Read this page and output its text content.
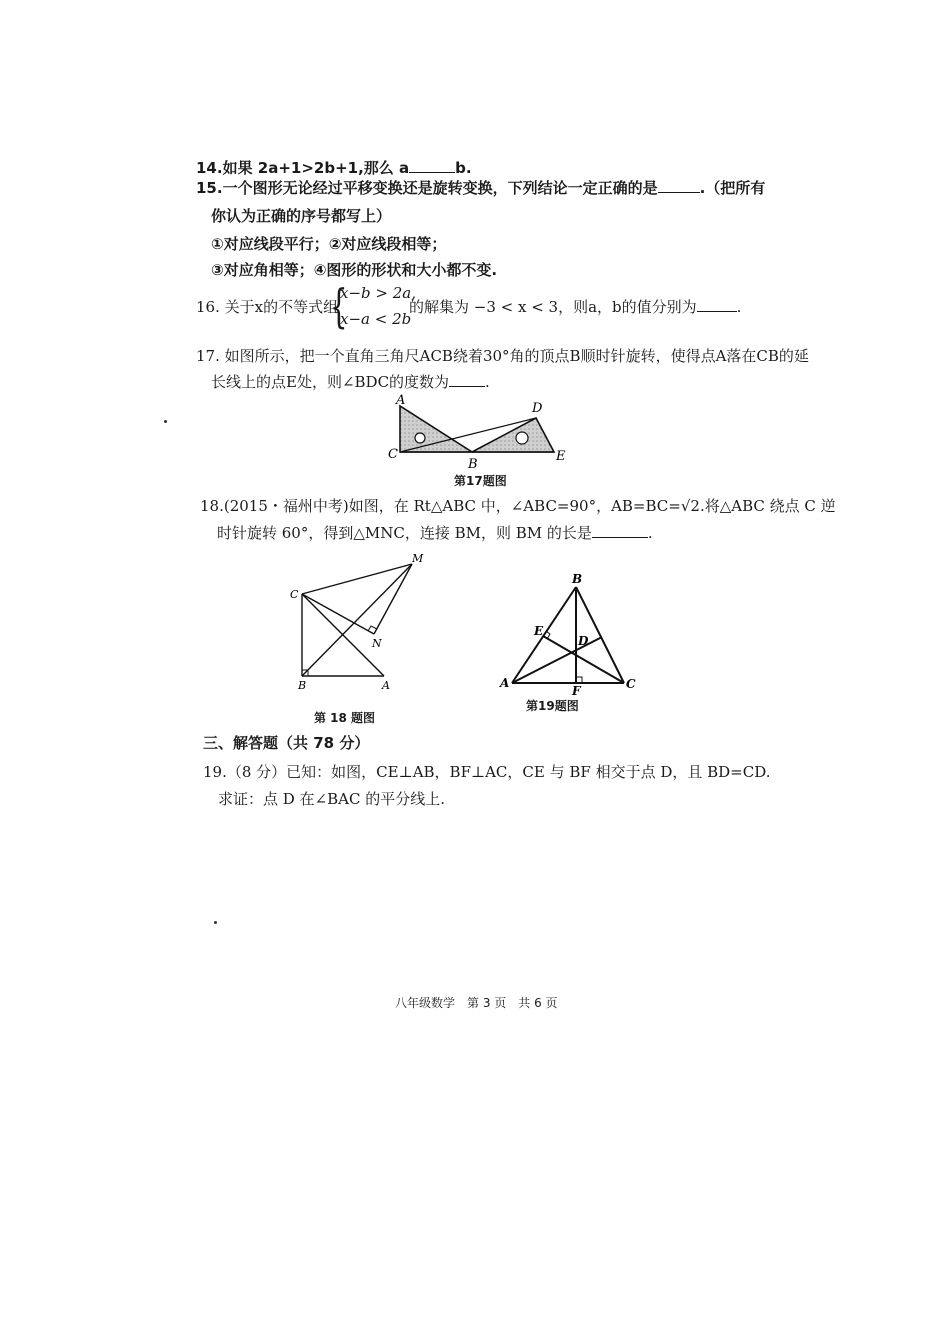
14.如果 2a+1>2b+1,那么 a	b.
15.一个图形无论经过平移变换还是旋转变换，下列结论一定正确的是	.（把所有
你认为正确的序号都写上）
①对应线段平行；②对应线段相等；
③对应角相等；④图形的形状和大小都不变.
16. 关于x的不等式组
{
x−b > 2a,
x−a < 2b
的解集为 −3 < x < 3，则a，b的值分别为	.
17. 如图所示，把一个直角三角尺ACB绕着30°角的顶点B顺时针旋转，使得点A落在CB的延
长线上的点E处，则∠BDC的度数为 .
A
C
B
D
E
第17题图
18.(2015・福州中考)如图，在 Rt△ABC 中，∠ABC=90°，AB=BC=√2.将△ABC 绕点 C 逆
时针旋转 60°，得到△MNC，连接 BM，则 BM 的长是	.
M
C
N
B	A
第 18 题图
B
E
D
A
F	C
第19题图
三、解答题（共 78 分）
19.（8 分）已知：如图，CE⊥AB，BF⊥AC，CE 与 BF 相交于点 D，且 BD=CD.
求证：点 D 在∠BAC 的平分线上.
八年级数学 第 3 页 共 6 页
